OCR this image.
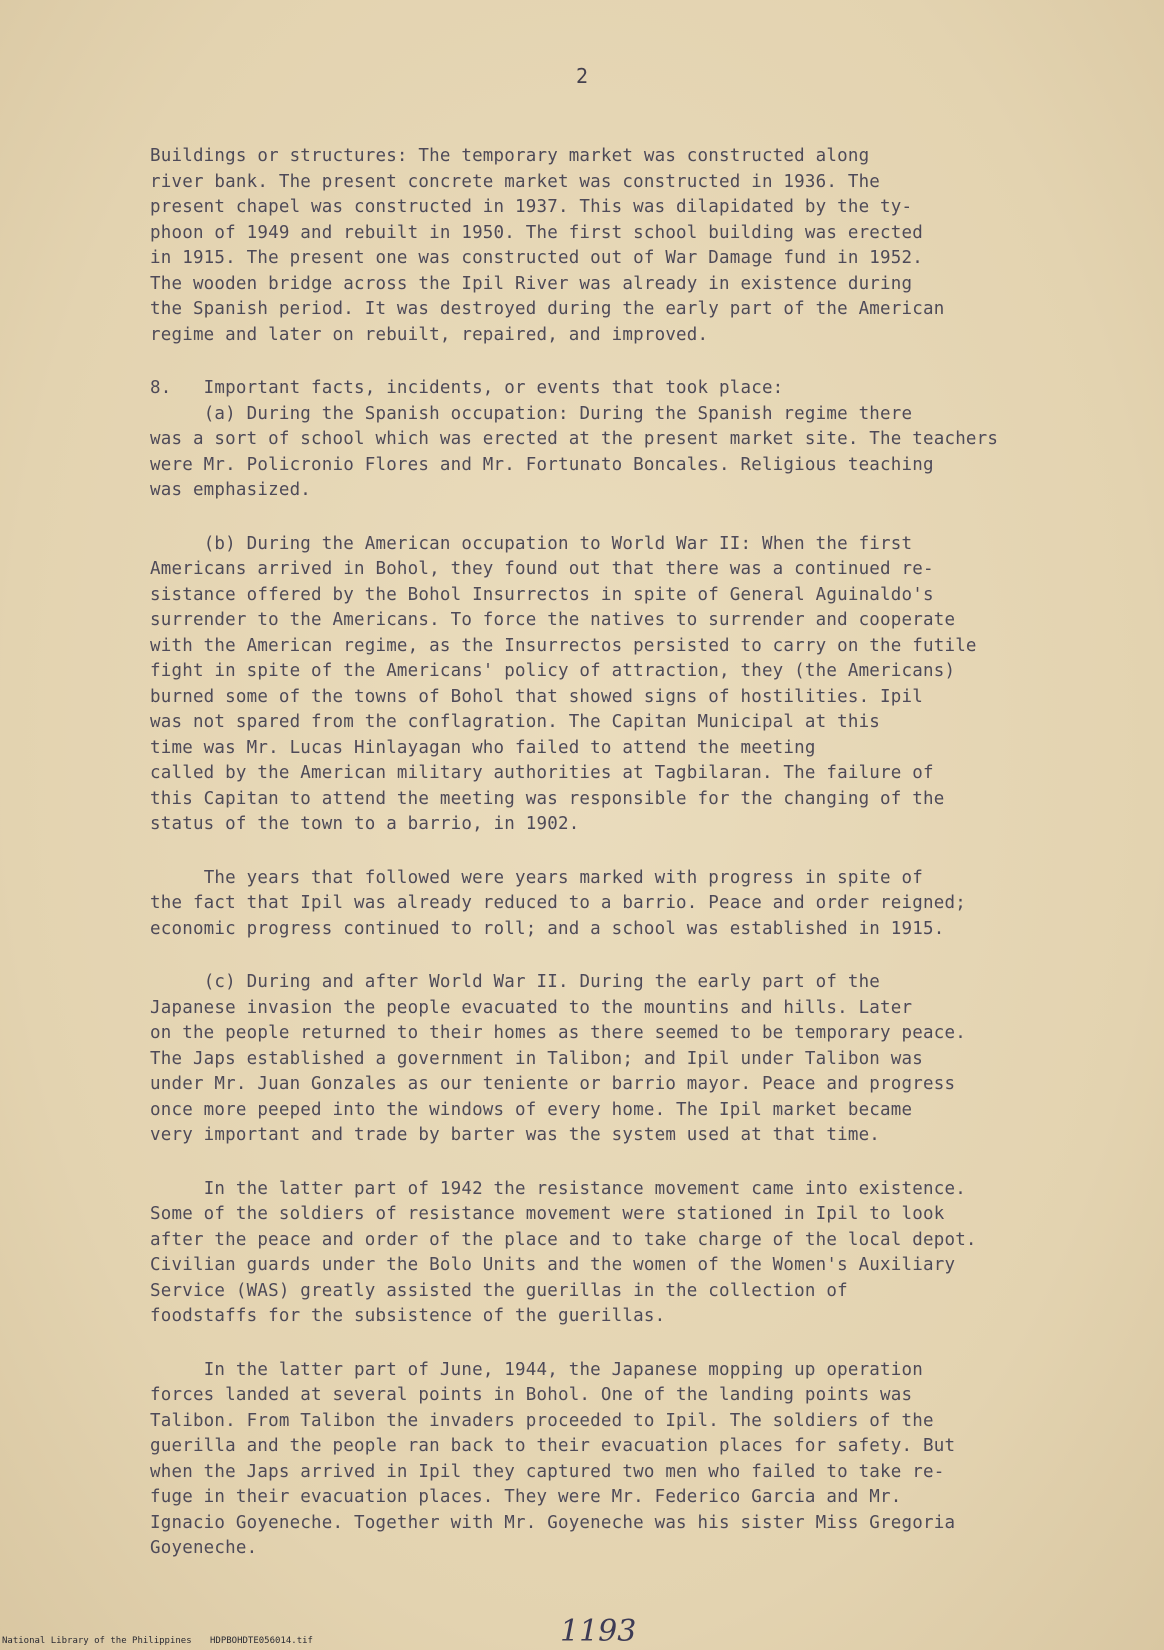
2

Buildings or structures: The temporary market was constructed along
river bank. The present concrete market was constructed in 1936. The
present chapel was constructed in 1937. This was dilapidated by the ty-
phoon of 1949 and rebuilt in 1950. The first school building was erected
in 1915. The present one was constructed out of War Damage fund in 1952.
The wooden bridge across the Ipil River was already in existence during
the Spanish period. It was destroyed during the early part of the American
regime and later on rebuilt, repaired, and improved.

8.   Important facts, incidents, or events that took place:
(a) During the Spanish occupation: During the Spanish regime there
was a sort of school which was erected at the present market site. The teachers
were Mr. Policronio Flores and Mr. Fortunato Boncales. Religious teaching
was emphasized.

(b) During the American occupation to World War II: When the first
Americans arrived in Bohol, they found out that there was a continued re-
sistance offered by the Bohol Insurrectos in spite of General Aguinaldo's
surrender to the Americans. To force the natives to surrender and cooperate
with the American regime, as the Insurrectos persisted to carry on the futile
fight in spite of the Americans' policy of attraction, they (the Americans)
burned some of the towns of Bohol that showed signs of hostilities. Ipil
was not spared from the conflagration. The Capitan Municipal at this
time was Mr. Lucas Hinlayagan who failed to attend the meeting
called by the American military authorities at Tagbilaran. The failure of
this Capitan to attend the meeting was responsible for the changing of the
status of the town to a barrio, in 1902.

The years that followed were years marked with progress in spite of
the fact that Ipil was already reduced to a barrio. Peace and order reigned;
economic progress continued to roll; and a school was established in 1915.

(c) During and after World War II. During the early part of the
Japanese invasion the people evacuated to the mountins and hills. Later
on the people returned to their homes as there seemed to be temporary peace.
The Japs established a government in Talibon; and Ipil under Talibon was
under Mr. Juan Gonzales as our teniente or barrio mayor. Peace and progress
once more peeped into the windows of every home. The Ipil market became
very important and trade by barter was the system used at that time.

In the latter part of 1942 the resistance movement came into existence.
Some of the soldiers of resistance movement were stationed in Ipil to look
after the peace and order of the place and to take charge of the local depot.
Civilian guards under the Bolo Units and the women of the Women's Auxiliary
Service (WAS) greatly assisted the guerillas in the collection of
foodstaffs for the subsistence of the guerillas.

In the latter part of June, 1944, the Japanese mopping up operation
forces landed at several points in Bohol. One of the landing points was
Talibon. From Talibon the invaders proceeded to Ipil. The soldiers of the
guerilla and the people ran back to their evacuation places for safety. But
when the Japs arrived in Ipil they captured two men who failed to take re-
fuge in their evacuation places. They were Mr. Federico Garcia and Mr.
Ignacio Goyeneche. Together with Mr. Goyeneche was his sister Miss Gregoria
Goyeneche.

1193
National Library of the Philippines HDPBOHDTE056014.tif
